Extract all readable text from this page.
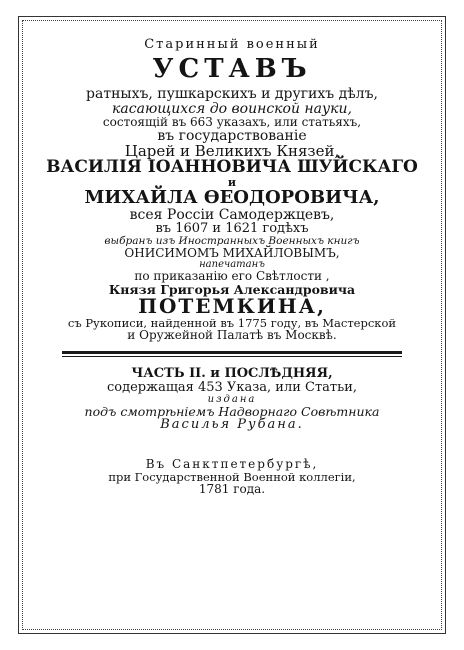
Старинный военный
УСТАВЪ
ратныхъ, пушкарскихъ и другихъ дѣлъ,
касающихся до воинской науки,
состоящій въ 663 указахъ, или статьяхъ,
въ государствованіе
Царей и Великихъ Князей,
ВАСИЛІЯ ІОАННОВИЧА ШУЙСКАГО
и
МИХАЙЛА ѲЕОДОРОВИЧА,
всея Россіи Самодержцевъ,
въ 1607 и 1621 годѣхъ
выбранъ изъ Иностранныхъ Военныхъ книгъ
ОНИСИМОМЪ МИХАЙЛОВЫМЪ,
напечатанъ
по приказанію его Свѣтлости ,
Князя Григорья Александровича
ПОТЕМКИНА,
съ Рукописи, найденной въ 1775 году, въ Мастерской
и Оружейной Палатѣ въ Москвѣ.
ЧАСТЬ II. и ПОСЛѢДНЯЯ,
содержащая 453 Указа, или Статьи,
издана
подъ смотрѣніемъ Надворнаго Совѣтника
Василья Рубана.
Въ Санктпетербургѣ,
при Государственной Военной коллегіи,
1781 года.
